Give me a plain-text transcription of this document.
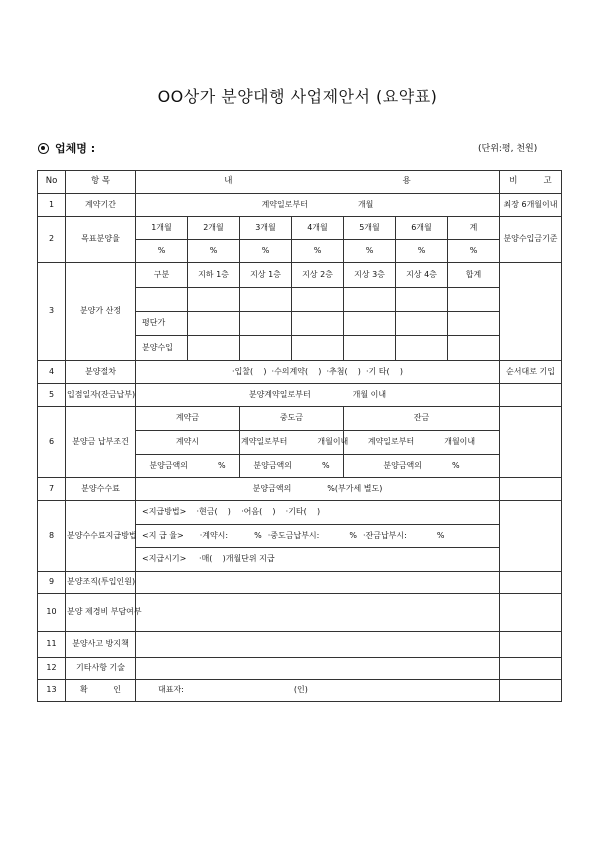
OO상가 분양대행 사업제안서 (요약표)
업체명 :	(단위:평, 천원)
No	항 목	내 용							비 고
1	계약기간	계약일로부터 개월							최장 6개월이내
2	목표분양율	1개월	2개월	3개월	4개월	5개월	6개월	계	분양수입금기준
		%	%	%	%	%	%	%	
3	분양가 산정	구분	지하 1층	지상 1층	지상 2층	지상 3층	지상 4층	합계	

		평단가							
		분양수입							
4	분양절차	·입찰(    )  ·수의계약(    )  ·추첨(    )  ·기 타(    )							순서대로 기입
5	입점일자(잔금납부)	분양계약일로부터 개월 이내							
6	분양금 납부조건	계약금		중도금		잔금			
		계약시		계약일로부터 개월이내		계약일로부터 개월이내			
		분양금액의 %		분양금액의 %		분양금액의 %			
7	분양수수료	분양금액의 %(부가세 별도)							
8	분양수수료지급방법	<지급방법>    ·현금(    )    ·어음(    )    ·기타(    )							
		<지 급 율> ·계약시: % ·중도금납부시: % ·잔금납부시: %							
		<지급시기>     ·매(    )개월단위 지급							
9	분양조직(투입인원)								
10	분양 제경비 부담여부								
11	분양사고 방지책								
12	기타사항 기술								
13	확          인	대표자: (인)							
